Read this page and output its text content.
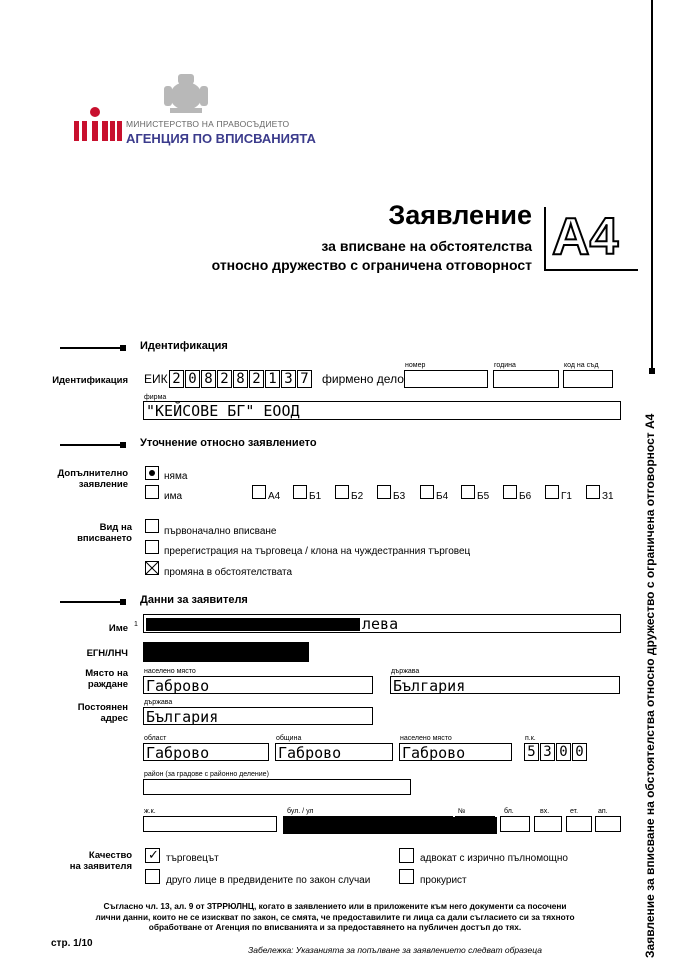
МИНИСТЕРСТВО НА ПРАВОСЪДИЕТО
АГЕНЦИЯ ПО ВПИСВАНИЯТА
Заявление
за вписване на обстоятелства
относно дружество с ограничена отговорност А4
Заявление за вписване на обстоятелства относно дружество с ограничена отговорност А4
Идентификация
Идентификация ЕИК 2 0 8 2 8 2 1 3 7 фирмено дело
номер	година	код на съд
фирма
"КЕЙСОВЕ БГ" ЕООД
Уточнение относно заявлението
Допълнително
заявление
няма
има	А4	Б1	Б2	Б3	Б4	Б5	Б6	Г1	З1
Вид на
вписването
първоначално вписване
пререгистрация на търговеца / клона на чуждестранния търговец
промяна в обстоятелствата
Данни за заявителя
Име 1	лева
ЕГН/ЛНЧ
Място на
раждане
населено място
Габрово
държава
България
Постоянен
адрес
държава
България
област
Габрово
община
Габрово
населено място
Габрово
п.к.
5 3 0 0
район (за градове с районно деление)
ж.к.	бул. / ул	№	бл.	вх.	ет.	ап.
Качество
на заявителя
✓ търговецът
друго лице в предвидените по закон случаи
адвокат с изрично пълномощно
прокурист
Съгласно чл. 13, ал. 9 от ЗТРРЮЛНЦ, когато в заявлението или в приложените към него документи са посочени
лични данни, които не се изискват по закон, се смята, че предоставилите ги лица са дали съгласието си за тяхното
обработване от Агенция по вписванията и за предоставянето на публичен достъп до тях.
стр. 1/10
Забележка: Указанията за попълване за заявлението следват образеца
